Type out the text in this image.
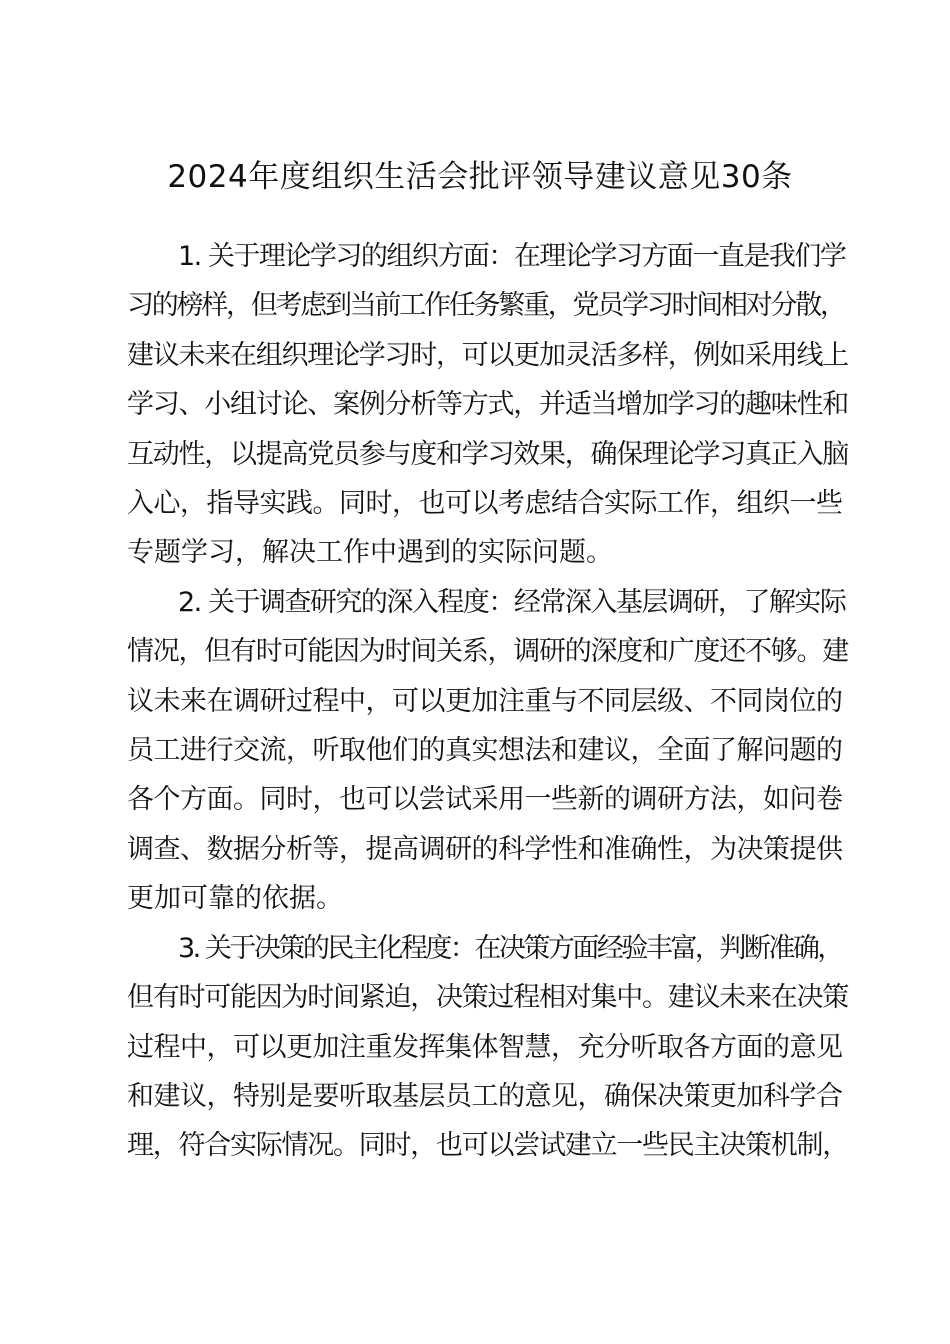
2024年度组织生活会批评领导建议意见30条
1. 关于理论学习的组织方面：在理论学习方面一直是我们学
习的榜样，但考虑到当前工作任务繁重，党员学习时间相对分散，
建议未来在组织理论学习时，可以更加灵活多样，例如采用线上
学习、小组讨论、案例分析等方式，并适当增加学习的趣味性和
互动性，以提高党员参与度和学习效果，确保理论学习真正入脑
入心，指导实践。同时，也可以考虑结合实际工作，组织一些
专题学习，解决工作中遇到的实际问题。
2. 关于调查研究的深入程度：经常深入基层调研，了解实际
情况，但有时可能因为时间关系，调研的深度和广度还不够。建
议未来在调研过程中，可以更加注重与不同层级、不同岗位的
员工进行交流，听取他们的真实想法和建议，全面了解问题的
各个方面。同时，也可以尝试采用一些新的调研方法，如问卷
调查、数据分析等，提高调研的科学性和准确性，为决策提供
更加可靠的依据。
3. 关于决策的民主化程度：在决策方面经验丰富，判断准确，
但有时可能因为时间紧迫，决策过程相对集中。建议未来在决策
过程中，可以更加注重发挥集体智慧，充分听取各方面的意见
和建议，特别是要听取基层员工的意见，确保决策更加科学合
理，符合实际情况。同时，也可以尝试建立一些民主决策机制，
